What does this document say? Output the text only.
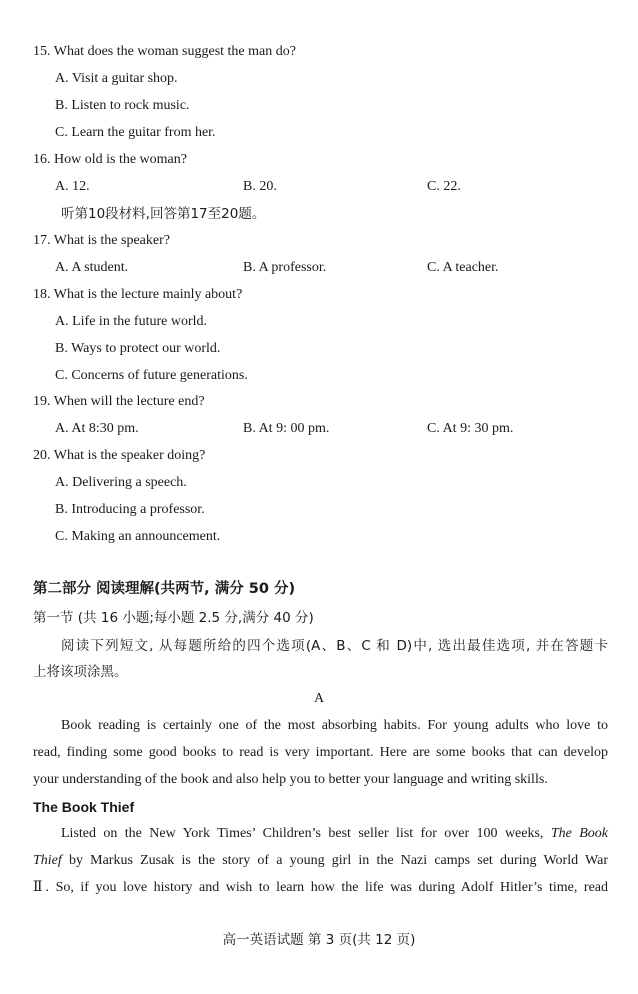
15. What does the woman suggest the man do?
A. Visit a guitar shop.
B. Listen to rock music.
C. Learn the guitar from her.
16. How old is the woman?
A. 12.	B. 20.	C. 22.
听第10段材料,回答第17至20题。
17. What is the speaker?
A. A student.	B. A professor.	C. A teacher.
18. What is the lecture mainly about?
A. Life in the future world.
B. Ways to protect our world.
C. Concerns of future generations.
19. When will the lecture end?
A. At 8:30 pm.	B. At 9: 00 pm.	C. At 9: 30 pm.
20. What is the speaker doing?
A. Delivering a speech.
B. Introducing a professor.
C. Making an announcement.
第二部分 阅读理解(共两节, 满分 50 分)
第一节 (共 16 小题;每小题 2.5 分,满分 40 分)
阅读下列短文, 从每题所给的四个选项(A、B、C 和 D)中, 选出最佳选项, 并在答题卡
上将该项涂黑。
A
Book reading is certainly one of the most absorbing habits. For young adults who love to
read, finding some good books to read is very important. Here are some books that can develop
your understanding of the book and also help you to better your language and writing skills.
The Book Thief
Listed on the New York Times’ Children’s best seller list for over 100 weeks, The Book
Thief by Markus Zusak is the story of a young girl in the Nazi camps set during World War
Ⅱ. So, if you love history and wish to learn how the life was during Adolf Hitler’s time, read
高一英语试题 第 3 页(共 12 页)
